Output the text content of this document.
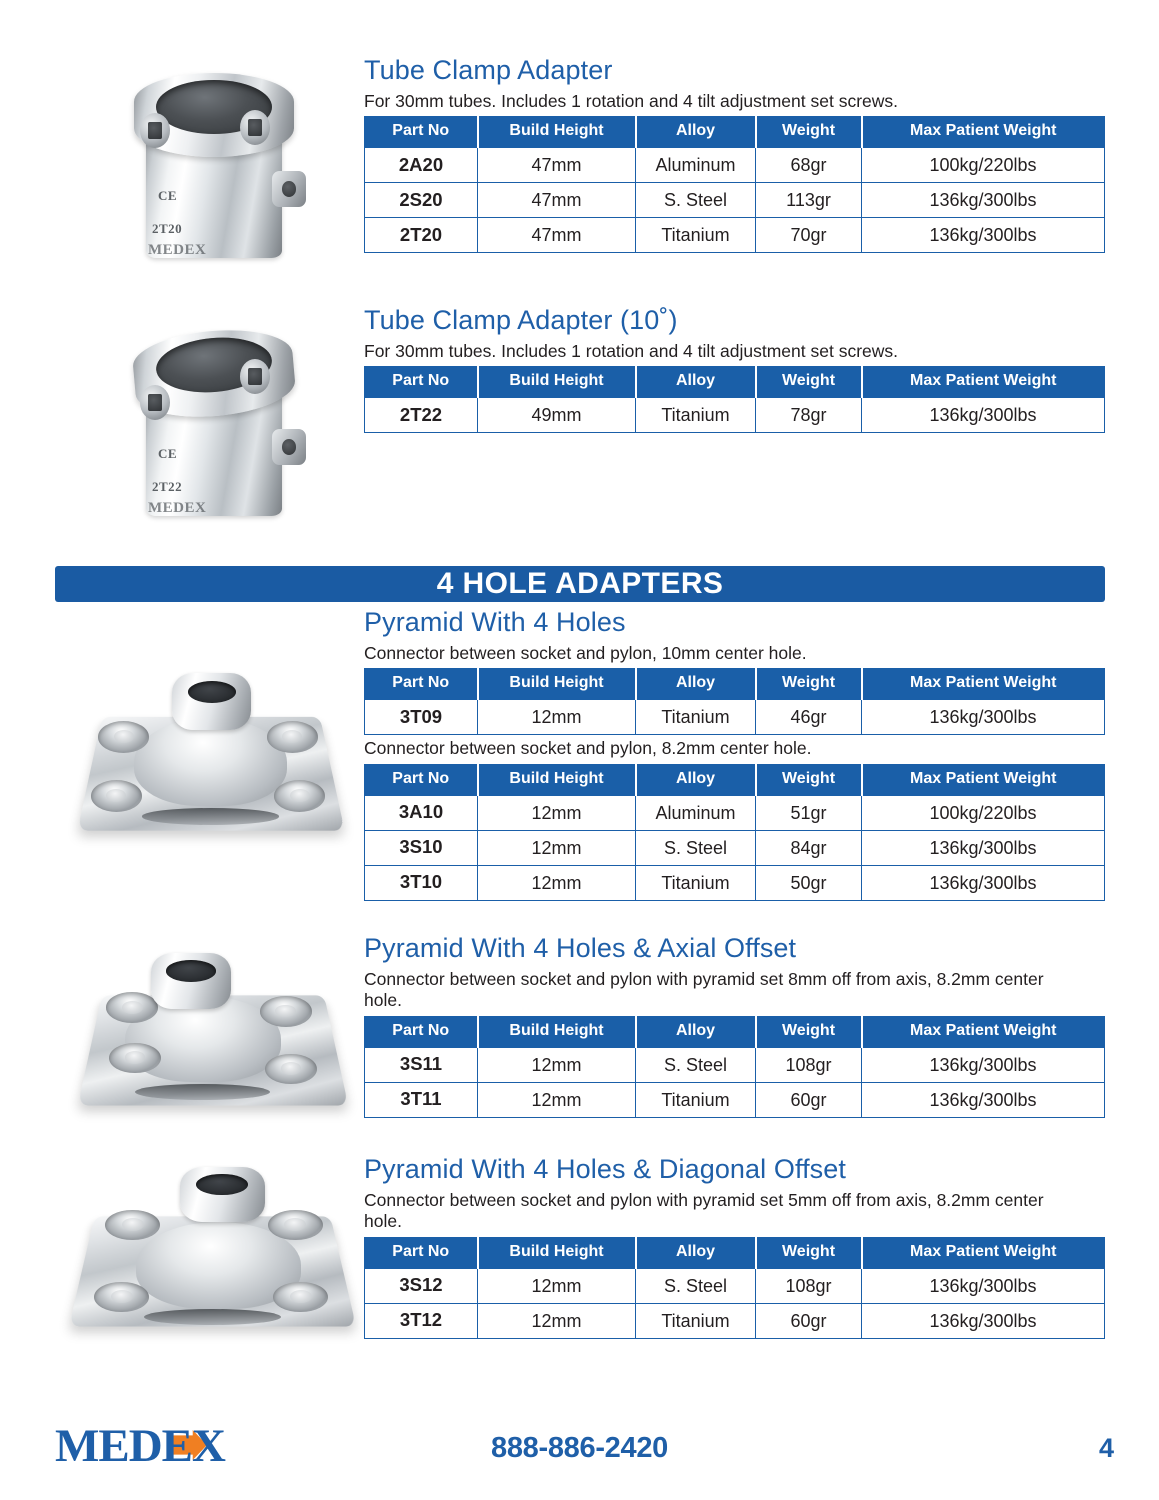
CE
2T20
MEDEX
Tube Clamp Adapter

For 30mm tubes. Includes 1 rotation and 4 tilt adjustment set screws.

Part No	Build Height	Alloy	Weight	Max Patient Weight
2A20	47mm	Aluminum	68gr	100kg/220lbs
2S20	47mm	S. Steel	113gr	136kg/300lbs
2T20	47mm	Titanium	70gr	136kg/300lbs
CE
2T22
MEDEX
Tube Clamp Adapter (10˚)

For 30mm tubes. Includes 1 rotation and 4 tilt adjustment set screws.

Part No	Build Height	Alloy	Weight	Max Patient Weight
2T22	49mm	Titanium	78gr	136kg/300lbs
4 HOLE ADAPTERS
Pyramid With 4 Holes

Connector between socket and pylon, 10mm center hole.

Part No	Build Height	Alloy	Weight	Max Patient Weight
3T09	12mm	Titanium	46gr	136kg/300lbs

Connector between socket and pylon, 8.2mm center hole.

Part No	Build Height	Alloy	Weight	Max Patient Weight
3A10	12mm	Aluminum	51gr	100kg/220lbs
3S10	12mm	S. Steel	84gr	136kg/300lbs
3T10	12mm	Titanium	50gr	136kg/300lbs
Pyramid With 4 Holes & Axial Offset

Connector between socket and pylon with pyramid set 8mm off from axis, 8.2mm center hole.

Part No	Build Height	Alloy	Weight	Max Patient Weight
3S11	12mm	S. Steel	108gr	136kg/300lbs
3T11	12mm	Titanium	60gr	136kg/300lbs
Pyramid With 4 Holes & Diagonal Offset

Connector between socket and pylon with pyramid set 5mm off from axis, 8.2mm center hole.

Part No	Build Height	Alloy	Weight	Max Patient Weight
3S12	12mm	S. Steel	108gr	136kg/300lbs
3T12	12mm	Titanium	60gr	136kg/300lbs
MEDEX	888-886-2420	4
